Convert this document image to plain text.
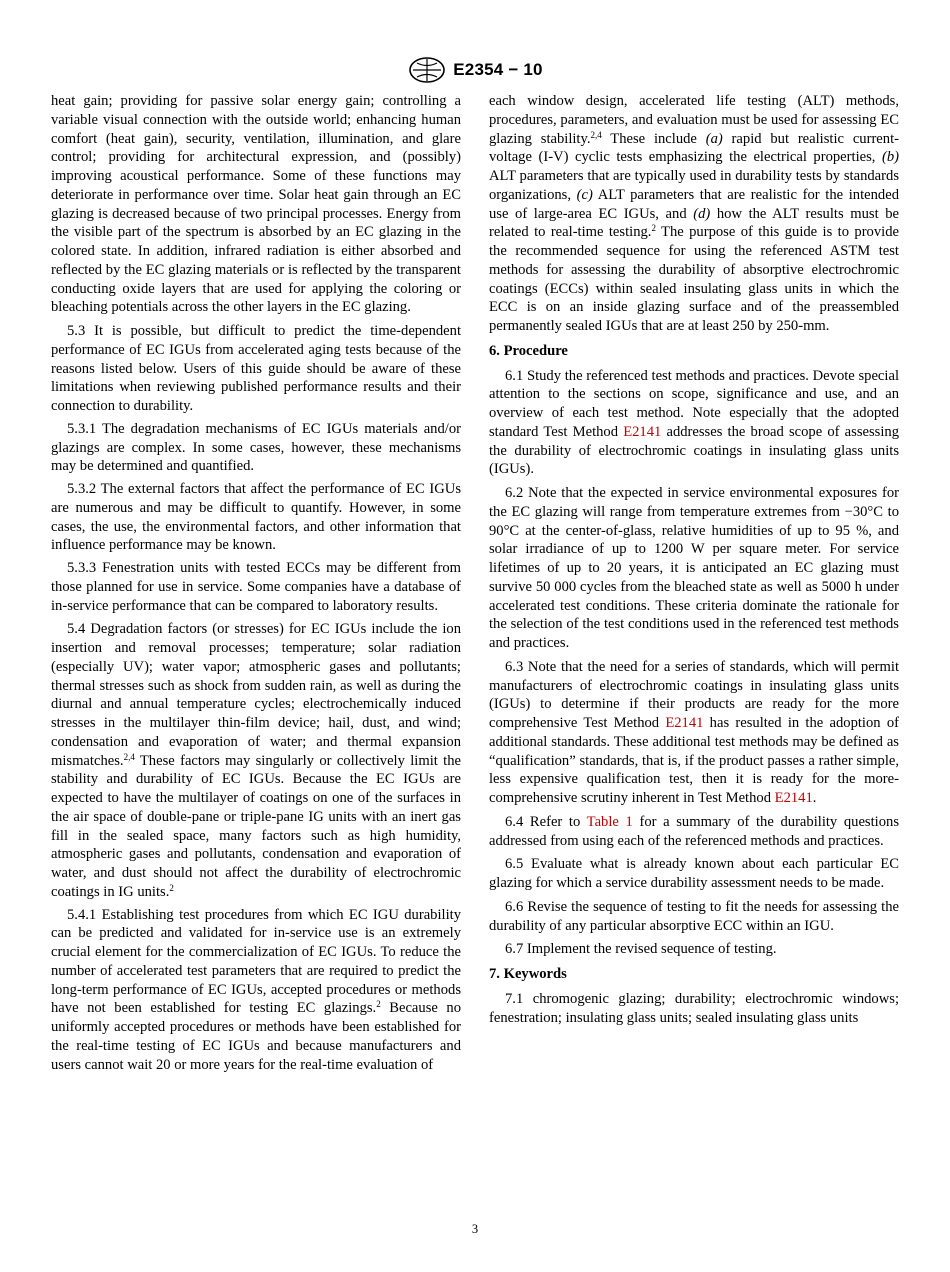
E2354 − 10

heat gain; providing for passive solar energy gain; controlling a variable visual connection with the outside world; enhancing human comfort (heat gain), security, ventilation, illumination, and glare control; providing for architectural expression, and (possibly) improving acoustical performance. Some of these functions may deteriorate in performance over time. Solar heat gain through an EC glazing is decreased because of two principal processes. Energy from the visible part of the spectrum is absorbed by an EC glazing in the colored state. In addition, infrared radiation is either absorbed and reflected by the EC glazing materials or is reflected by the transparent conducting oxide layers that are used for applying the coloring or bleaching potentials across the other layers in the EC glazing.

5.3 It is possible, but difficult to predict the time-dependent performance of EC IGUs from accelerated aging tests because of the reasons listed below. Users of this guide should be aware of these limitations when reviewing published performance results and their connection to durability.

5.3.1 The degradation mechanisms of EC IGUs materials and/or glazings are complex. In some cases, however, these mechanisms may be determined and quantified.

5.3.2 The external factors that affect the performance of EC IGUs are numerous and may be difficult to quantify. However, in some cases, the use, the environmental factors, and other information that influence performance may be known.

5.3.3 Fenestration units with tested ECCs may be different from those planned for use in service. Some companies have a database of in-service performance that can be compared to laboratory results.

5.4 Degradation factors (or stresses) for EC IGUs include the ion insertion and removal processes; temperature; solar radiation (especially UV); water vapor; atmospheric gases and pollutants; thermal stresses such as shock from sudden rain, as well as during the diurnal and annual temperature cycles; electrochemically induced stresses in the multilayer thin-film device; hail, dust, and wind; condensation and evaporation of water; and thermal expansion mismatches.$^{2,4}$ These factors may singularly or collectively limit the stability and durability of EC IGUs. Because the EC IGUs are expected to have the multilayer of coatings on one of the surfaces in the air space of double-pane or triple-pane IG units with an inert gas fill in the sealed space, many factors such as high humidity, atmospheric gases and pollutants, condensation and evaporation of water, and dust should not affect the durability of electrochromic coatings in IG units.$^2$

5.4.1 Establishing test procedures from which EC IGU durability can be predicted and validated for in-service use is an extremely crucial element for the commercialization of EC IGUs. To reduce the number of accelerated test parameters that are required to predict the long-term performance of EC IGUs, accepted procedures or methods have not been established for testing EC glazings.$^2$ Because no uniformly accepted procedures or methods have been established for the real-time testing of EC IGUs and because manufacturers and users cannot wait 20 or more years for the real-time evaluation of

each window design, accelerated life testing (ALT) methods, procedures, parameters, and evaluation must be used for assessing EC glazing stability.$^{2,4}$ These include (a) rapid but realistic current-voltage (I-V) cyclic tests emphasizing the electrical properties, (b) ALT parameters that are typically used in durability tests by standards organizations, (c) ALT parameters that are realistic for the intended use of large-area EC IGUs, and (d) how the ALT results must be related to real-time testing.$^2$ The purpose of this guide is to provide the recommended sequence for using the referenced ASTM test methods for assessing the durability of absorptive electrochromic coatings (ECCs) within sealed insulating glass units in which the ECC is on an inside glazing surface and of the preassembled permanently sealed IGUs that are at least 250 by 250-mm.

6. Procedure

6.1 Study the referenced test methods and practices. Devote special attention to the sections on scope, significance and use, and an overview of each test method. Note especially that the adopted standard Test Method E2141 addresses the broad scope of assessing the durability of electrochromic coatings in insulating glass units (IGUs).

6.2 Note that the expected in service environmental exposures for the EC glazing will range from temperature extremes from −30°C to 90°C at the center-of-glass, relative humidities of up to 95 %, and solar irradiance of up to 1200 W per square meter. For service lifetimes of up to 20 years, it is anticipated an EC glazing must survive 50 000 cycles from the bleached state as well as 5000 h under accelerated test conditions. These criteria dominate the rationale for the selection of the test conditions used in the referenced test methods and practices.

6.3 Note that the need for a series of standards, which will permit manufacturers of electrochromic coatings in insulating glass units (IGUs) to determine if their products are ready for the more comprehensive Test Method E2141 has resulted in the adoption of additional standards. These additional test methods may be defined as “qualification” standards, that is, if the product passes a rather simple, less expensive qualification test, then it is ready for the more-comprehensive scrutiny inherent in Test Method E2141.

6.4 Refer to Table 1 for a summary of the durability questions addressed from using each of the referenced methods and practices.

6.5 Evaluate what is already known about each particular EC glazing for which a service durability assessment needs to be made.

6.6 Revise the sequence of testing to fit the needs for assessing the durability of any particular absorptive ECC within an IGU.

6.7 Implement the revised sequence of testing.

7. Keywords

7.1 chromogenic glazing; durability; electrochromic windows; fenestration; insulating glass units; sealed insulating glass units

3
